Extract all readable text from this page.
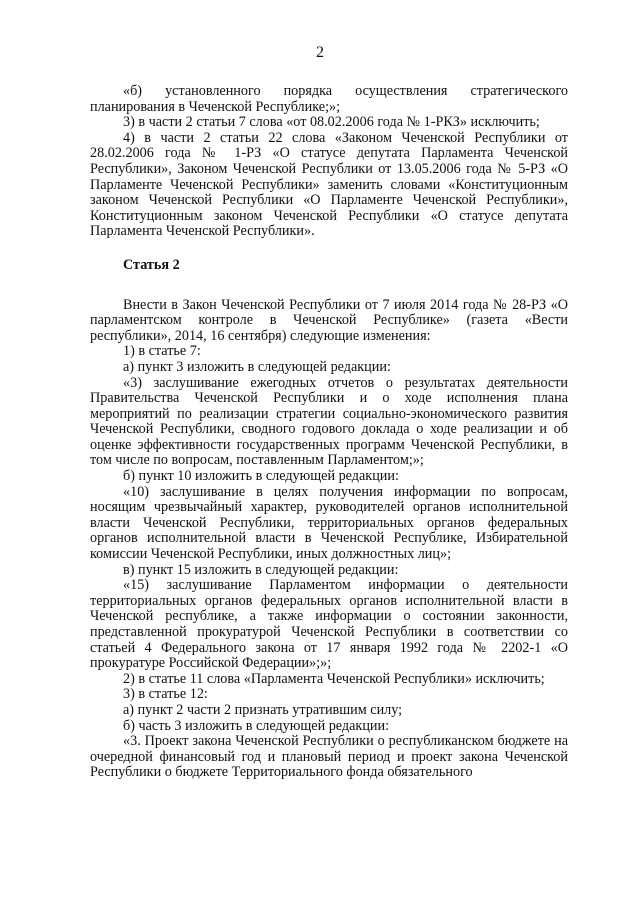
2

«б) установленного порядка осуществления стратегического планирования в Чеченской Республике;»;

3) в части 2 статьи 7 слова «от 08.02.2006 года № 1-РКЗ» исключить;

4) в части 2 статьи 22 слова «Законом Чеченской Республики от 28.02.2006 года № 1-РЗ «О статусе депутата Парламента Чеченской Республики», Законом Чеченской Республики от 13.05.2006 года № 5-РЗ «О Парламенте Чеченской Республики» заменить словами «Конституционным законом Чеченской Республики «О Парламенте Чеченской Республики», Конституционным законом Чеченской Республики «О статусе депутата Парламента Чеченской Республики».

Статья 2

Внести в Закон Чеченской Республики от 7 июля 2014 года № 28-РЗ «О парламентском контроле в Чеченской Республике» (газета «Вести республики», 2014, 16 сентября) следующие изменения:

1) в статье 7:

а) пункт 3 изложить в следующей редакции:

«3) заслушивание ежегодных отчетов о результатах деятельности Правительства Чеченской Республики и о ходе исполнения плана мероприятий по реализации стратегии социально-экономического развития Чеченской Республики, сводного годового доклада о ходе реализации и об оценке эффективности государственных программ Чеченской Республики, в том числе по вопросам, поставленным Парламентом;»;

б) пункт 10 изложить в следующей редакции:

«10) заслушивание в целях получения информации по вопросам, носящим чрезвычайный характер, руководителей органов исполнительной власти Чеченской Республики, территориальных органов федеральных органов исполнительной власти в Чеченской Республике, Избирательной комиссии Чеченской Республики, иных должностных лиц»;

в) пункт 15 изложить в следующей редакции:

«15) заслушивание Парламентом информации о деятельности территориальных органов федеральных органов исполнительной власти в Чеченской республике, а также информации о состоянии законности, представленной прокуратурой Чеченской Республики в соответствии со статьей 4 Федерального закона от 17 января 1992 года № 2202-1 «О прокуратуре Российской Федерации»;»;

2) в статье 11 слова «Парламента Чеченской Республики» исключить;

3) в статье 12:

а) пункт 2 части 2 признать утратившим силу;

б) часть 3 изложить в следующей редакции:

«3. Проект закона Чеченской Республики о республиканском бюджете на очередной финансовый год и плановый период и проект закона Чеченской Республики о бюджете Территориального фонда обязательного
